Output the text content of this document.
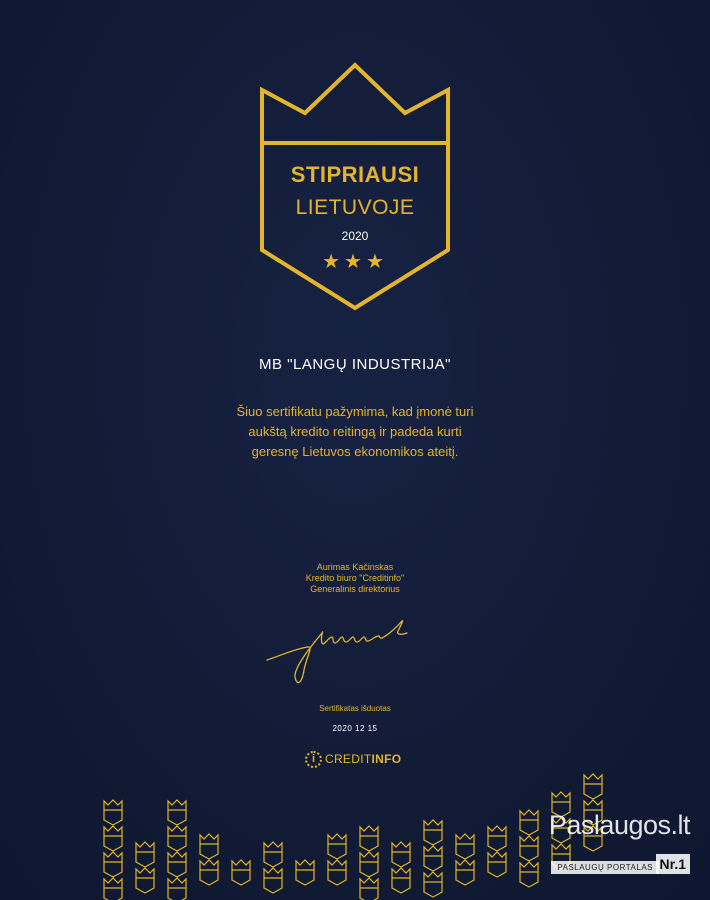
STIPRIAUSI
LIETUVOJE
2020
★★★
MB "LANGŲ INDUSTRIJA"
Šiuo sertifikatu pažymima, kad įmonė turi
aukštą kredito reitingą ir padeda kurti
geresnę Lietuvos ekonomikos ateitį.
Aurimas Kačinskas
Kredito biuro "Creditinfo"
Generalinis direktorius
Sertifikatas išduotas
2020 12 15
i CREDITINFO
Paslaugos.lt
PASLAUGŲ PORTALAS Nr.1
